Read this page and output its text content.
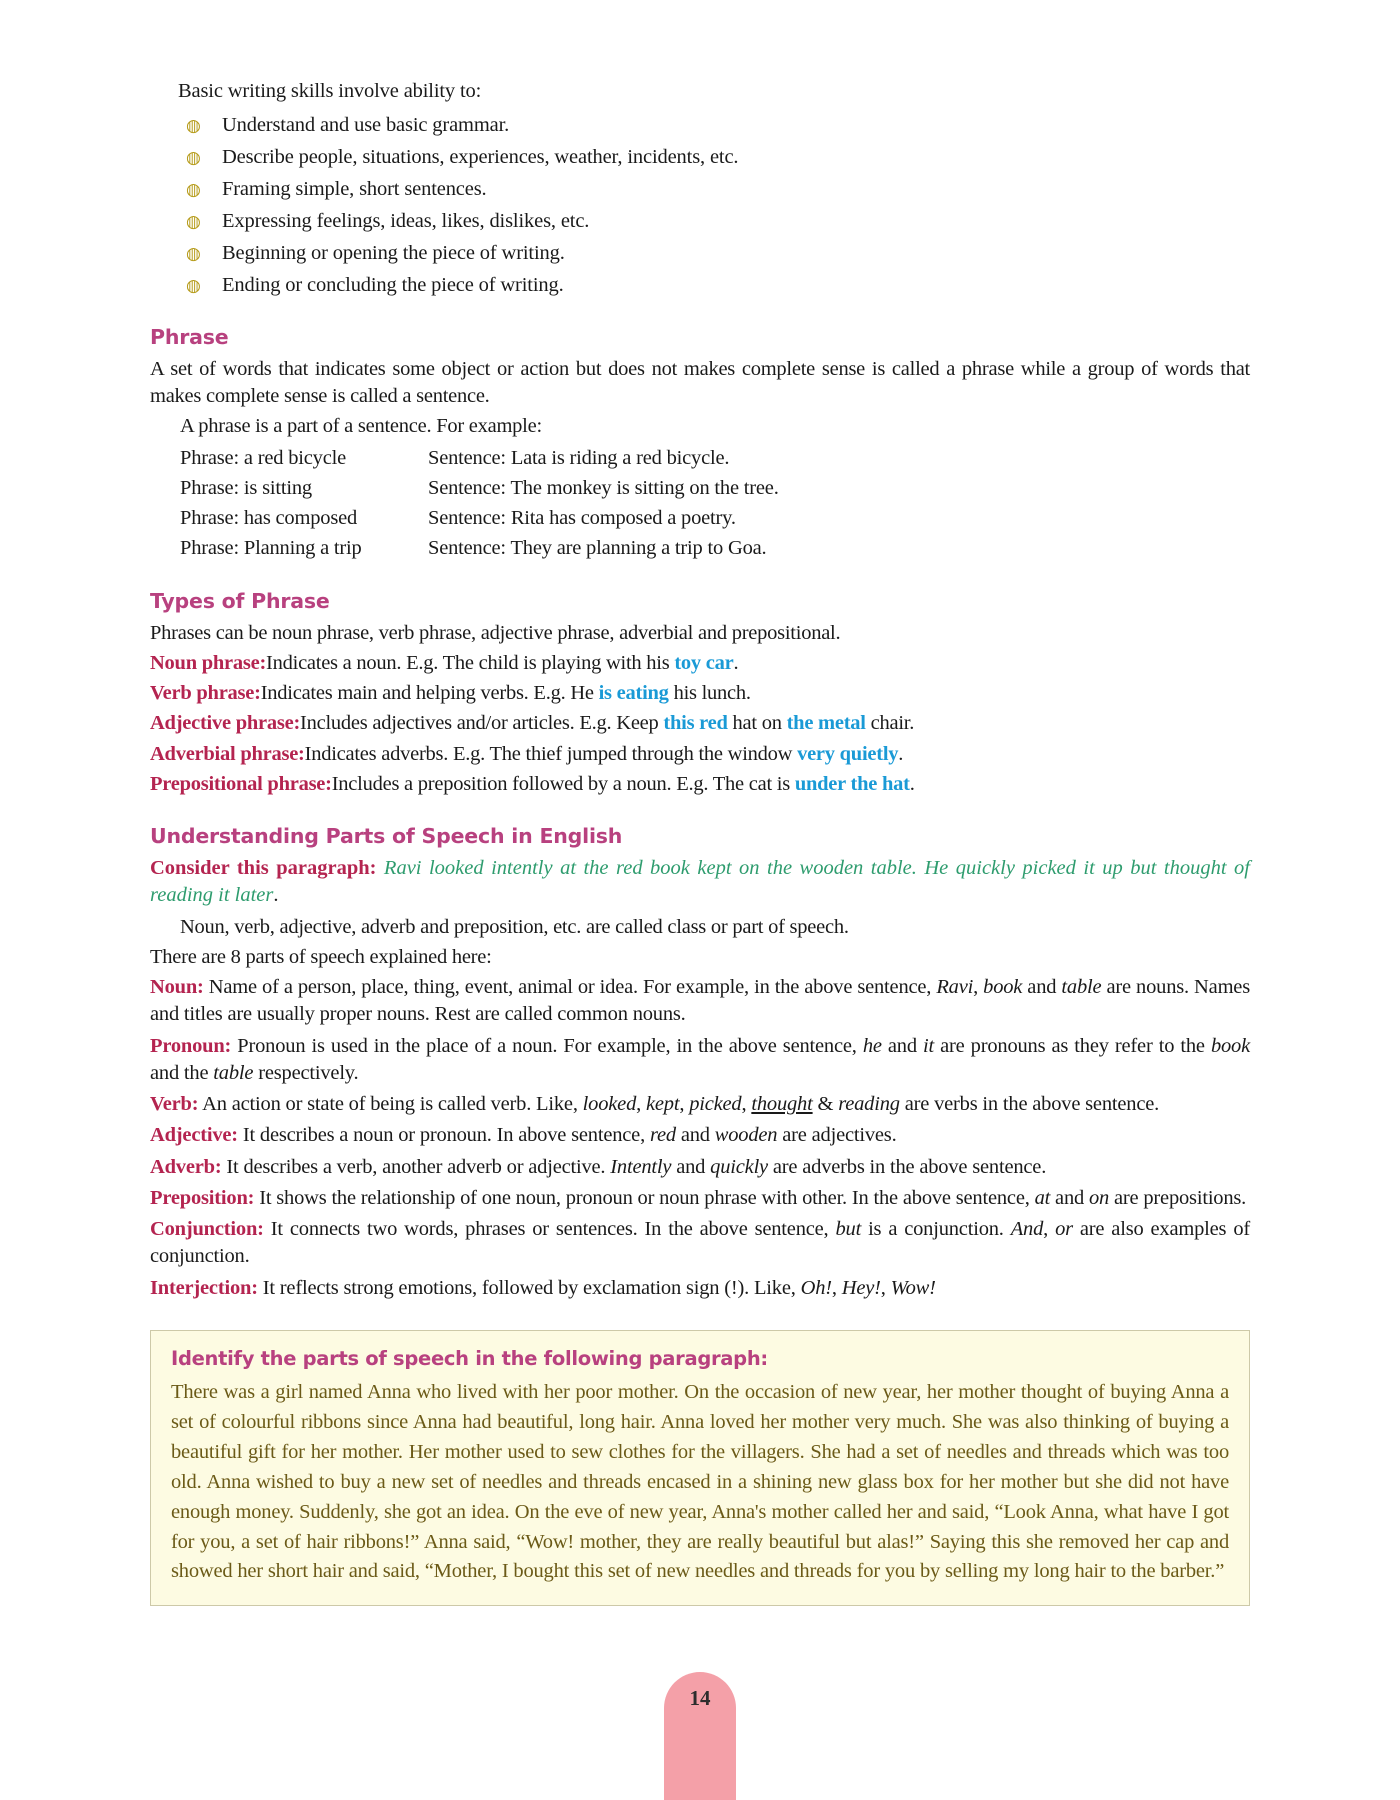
Basic writing skills involve ability to:

◍ Understand and use basic grammar.
◍ Describe people, situations, experiences, weather, incidents, etc.
◍ Framing simple, short sentences.
◍ Expressing feelings, ideas, likes, dislikes, etc.
◍ Beginning or opening the piece of writing.
◍ Ending or concluding the piece of writing.
Phrase

A set of words that indicates some object or action but does not makes complete sense is called a phrase while a group of words that makes complete sense is called a sentence.

A phrase is a part of a sentence. For example:

Phrase: a red bicycle	Sentence: Lata is riding a red bicycle.
Phrase: is sitting	Sentence: The monkey is sitting on the tree.
Phrase: has composed	Sentence: Rita has composed a poetry.
Phrase: Planning a trip	Sentence: They are planning a trip to Goa.
Types of Phrase

Phrases can be noun phrase, verb phrase, adjective phrase, adverbial and prepositional.

Noun phrase:Indicates a noun. E.g. The child is playing with his toy car.

Verb phrase:Indicates main and helping verbs. E.g. He is eating his lunch.

Adjective phrase:Includes adjectives and/or articles. E.g. Keep this red hat on the metal chair.

Adverbial phrase:Indicates adverbs. E.g. The thief jumped through the window very quietly.

Prepositional phrase:Includes a preposition followed by a noun. E.g. The cat is under the hat.

Understanding Parts of Speech in English

Consider this paragraph: Ravi looked intently at the red book kept on the wooden table. He quickly picked it up but thought of reading it later.

Noun, verb, adjective, adverb and preposition, etc. are called class or part of speech.

There are 8 parts of speech explained here:

Noun: Name of a person, place, thing, event, animal or idea. For example, in the above sentence, Ravi, book and table are nouns. Names and titles are usually proper nouns. Rest are called common nouns.

Pronoun: Pronoun is used in the place of a noun. For example, in the above sentence, he and it are pronouns as they refer to the book and the table respectively.

Verb: An action or state of being is called verb. Like, looked, kept, picked, thought & reading are verbs in the above sentence.

Adjective: It describes a noun or pronoun. In above sentence, red and wooden are adjectives.

Adverb: It describes a verb, another adverb or adjective. Intently and quickly are adverbs in the above sentence.

Preposition: It shows the relationship of one noun, pronoun or noun phrase with other. In the above sentence, at and on are prepositions.

Conjunction: It connects two words, phrases or sentences. In the above sentence, but is a conjunction. And, or are also examples of conjunction.

Interjection: It reflects strong emotions, followed by exclamation sign (!). Like, Oh!, Hey!, Wow!

Identify the parts of speech in the following paragraph:
There was a girl named Anna who lived with her poor mother. On the occasion of new year, her mother thought of buying Anna a set of colourful ribbons since Anna had beautiful, long hair. Anna loved her mother very much. She was also thinking of buying a beautiful gift for her mother. Her mother used to sew clothes for the villagers. She had a set of needles and threads which was too old. Anna wished to buy a new set of needles and threads encased in a shining new glass box for her mother but she did not have enough money. Suddenly, she got an idea. On the eve of new year, Anna's mother called her and said, “Look Anna, what have I got for you, a set of hair ribbons!” Anna said, “Wow! mother, they are really beautiful but alas!” Saying this she removed her cap and showed her short hair and said, “Mother, I bought this set of new needles and threads for you by selling my long hair to the barber.”
14
